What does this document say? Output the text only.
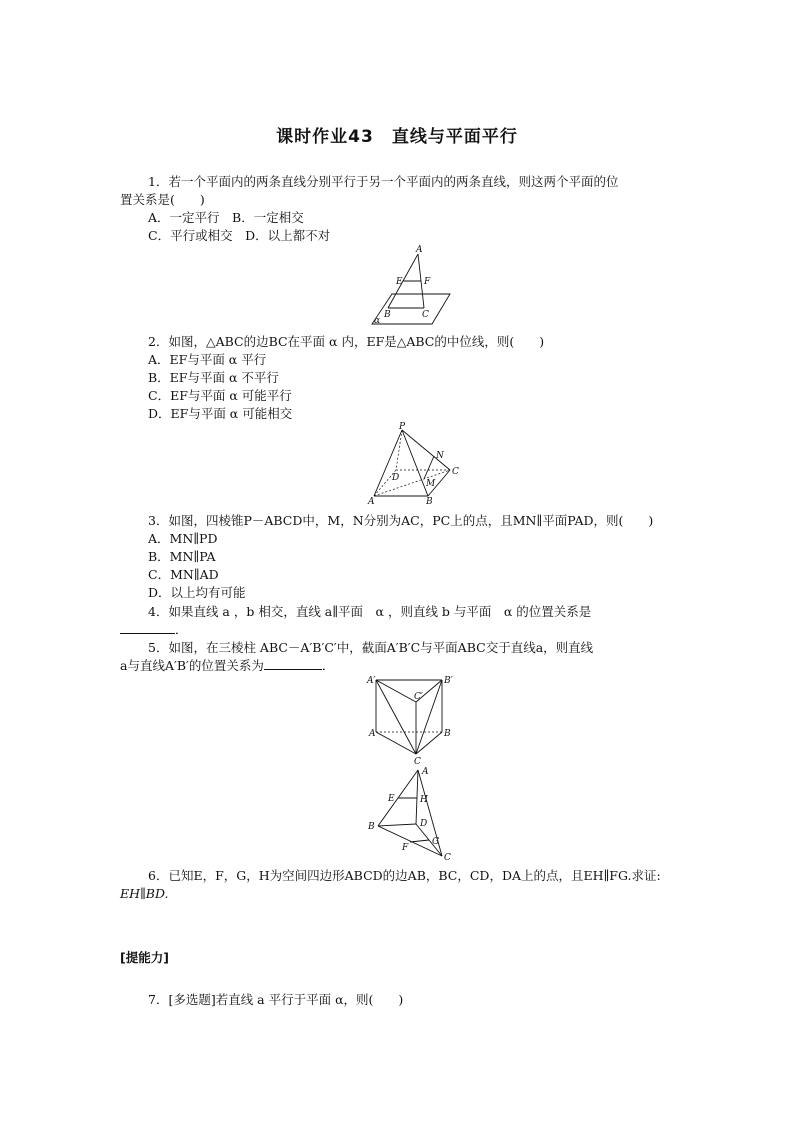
课时作业43　直线与平面平行
1．若一个平面内的两条直线分别平行于另一个平面内的两条直线，则这两个平面的位
置关系是(　　)
A．一定平行　B．一定相交
C．平行或相交　D．以上都不对
A
E F
B	C
α
2．如图，△ABC的边BC在平面 α 内，EF是△ABC的中位线，则(　　)
A．EF与平面 α 平行
B．EF与平面 α 不平行
C．EF与平面 α 可能平行
D．EF与平面 α 可能相交
P
N
C
D
M
A	B
3．如图，四棱锥P－ABCD中，M，N分别为AC，PC上的点，且MN∥平面PAD，则(　　)
A．MN∥PD
B．MN∥PA
C．MN∥AD
D．以上均有可能
4．如果直线 a ，b 相交，直线 a∥平面　α ，则直线 b 与平面　α 的位置关系是
．
5．如图，在三棱柱 ABC－A′B′C′中，截面A′B′C与平面ABC交于直线a，则直线
a与直线A′B′的位置关系为	．
A′	B′
C′
A	B
C
A
E	H
B	D
F
G
C
6．已知E，F，G，H为空间四边形ABCD的边AB，BC，CD，DA上的点，且EH∥FG.求证:
EH∥BD.
[提能力]
7．[多选题]若直线 a 平行于平面 α，则(　　)
